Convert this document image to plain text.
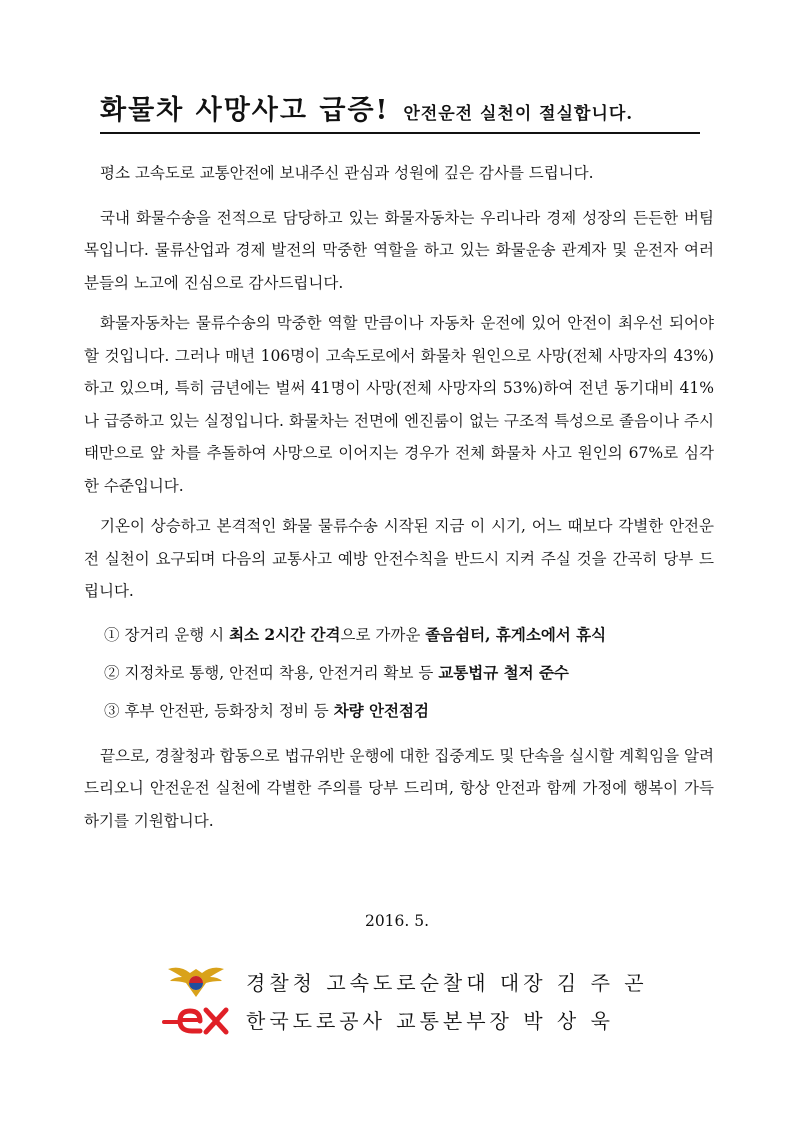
화물차 사망사고 급증! 안전운전 실천이 절실합니다.

평소 고속도로 교통안전에 보내주신 관심과 성원에 깊은 감사를 드립니다.

국내 화물수송을 전적으로 담당하고 있는 화물자동차는 우리나라 경제 성장의 든든한 버팀목입니다. 물류산업과 경제 발전의 막중한 역할을 하고 있는 화물운송 관계자 및 운전자 여러분들의 노고에 진심으로 감사드립니다.

화물자동차는 물류수송의 막중한 역할 만큼이나 자동차 운전에 있어 안전이 최우선 되어야 할 것입니다. 그러나 매년 106명이 고속도로에서 화물차 원인으로 사망(전체 사망자의 43%)하고 있으며, 특히 금년에는 벌써 41명이 사망(전체 사망자의 53%)하여 전년 동기대비 41%나 급증하고 있는 실정입니다. 화물차는 전면에 엔진룸이 없는 구조적 특성으로 졸음이나 주시태만으로 앞 차를 추돌하여 사망으로 이어지는 경우가 전체 화물차 사고 원인의 67%로 심각한 수준입니다.

기온이 상승하고 본격적인 화물 물류수송 시작된 지금 이 시기, 어느 때보다 각별한 안전운전 실천이 요구되며 다음의 교통사고 예방 안전수칙을 반드시 지켜 주실 것을 간곡히 당부 드립니다.

① 장거리 운행 시 최소 2시간 간격으로 가까운 졸음쉼터, 휴게소에서 휴식
② 지정차로 통행, 안전띠 착용, 안전거리 확보 등 교통법규 철저 준수
③ 후부 안전판, 등화장치 정비 등 차량 안전점검

끝으로, 경찰청과 합동으로 법규위반 운행에 대한 집중계도 및 단속을 실시할 계획임을 알려드리오니 안전운전 실천에 각별한 주의를 당부 드리며, 항상 안전과 함께 가정에 행복이 가득하기를 기원합니다.

2016. 5.
경찰청 고속도로순찰대 대장 김 주 곤
한국도로공사 교통본부장 박 상 욱
